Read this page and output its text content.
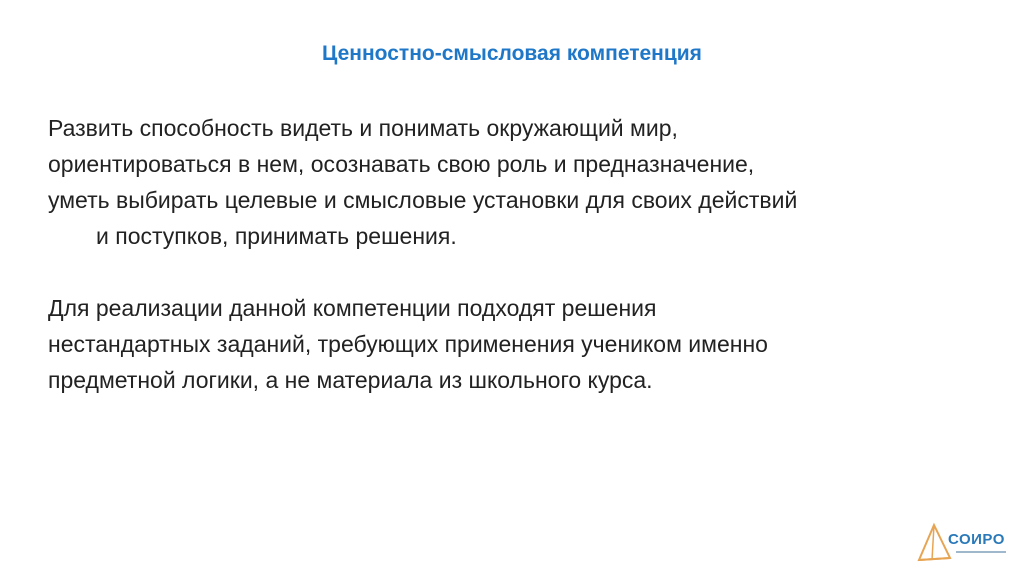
Ценностно-смысловая компетенция
Развить способность видеть и понимать окружающий мир,
ориентироваться в нем, осознавать свою роль и предназначение,
уметь выбирать целевые и смысловые установки для своих действий
и поступков, принимать решения.
Для реализации данной компетенции подходят решения
нестандартных заданий, требующих применения учеником именно
предметной логики, а не материала из школьного курса.
СОИРО
